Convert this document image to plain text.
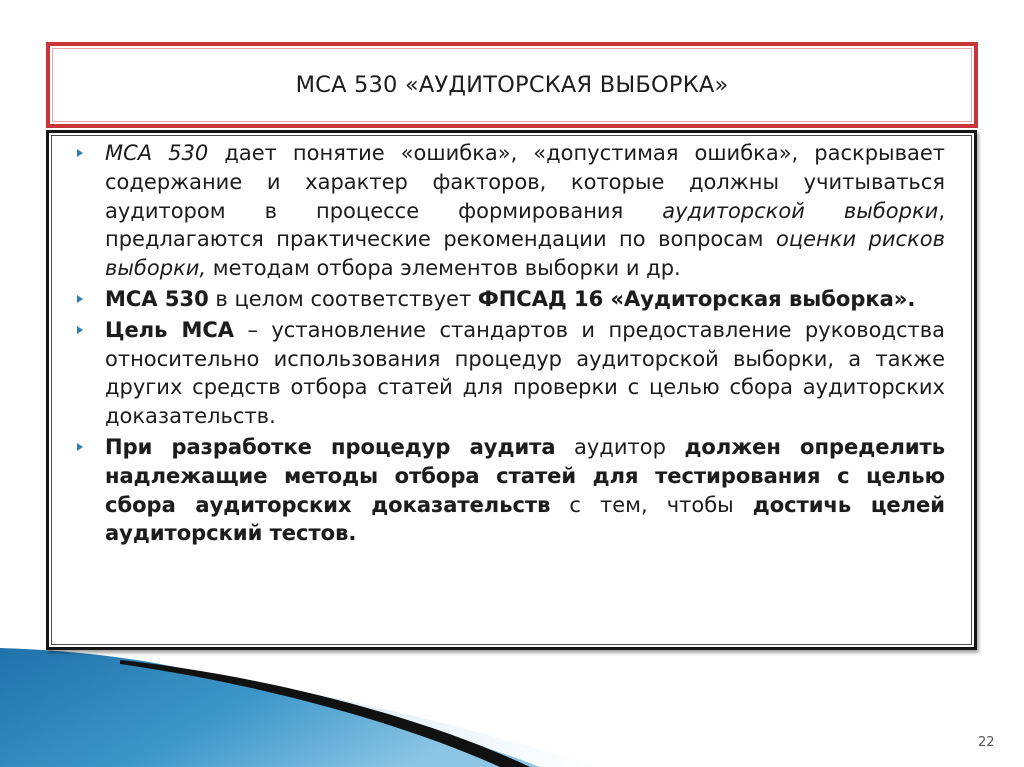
МСА 530 «АУДИТОРСКАЯ ВЫБОРКА»
МСА 530 дает понятие «ошибка», «допустимая ошибка», раскрывает содержание и характер факторов, которые должны учитываться аудитором в процессе формирования аудиторской выборки, предлагаются практические рекомендации по вопросам оценки рисков выборки, методам отбора элементов выборки и др.
МСА 530 в целом соответствует ФПСАД 16 «Аудиторская выборка».
Цель МСА – установление стандартов и предоставление руководства относительно использования процедур аудиторской выборки, а также других средств отбора статей для проверки с целью сбора аудиторских доказательств.
При разработке процедур аудита аудитор должен определить надлежащие методы отбора статей для тестирования с целью сбора аудиторских доказательств с тем, чтобы достичь целей аудиторский тестов.
22
